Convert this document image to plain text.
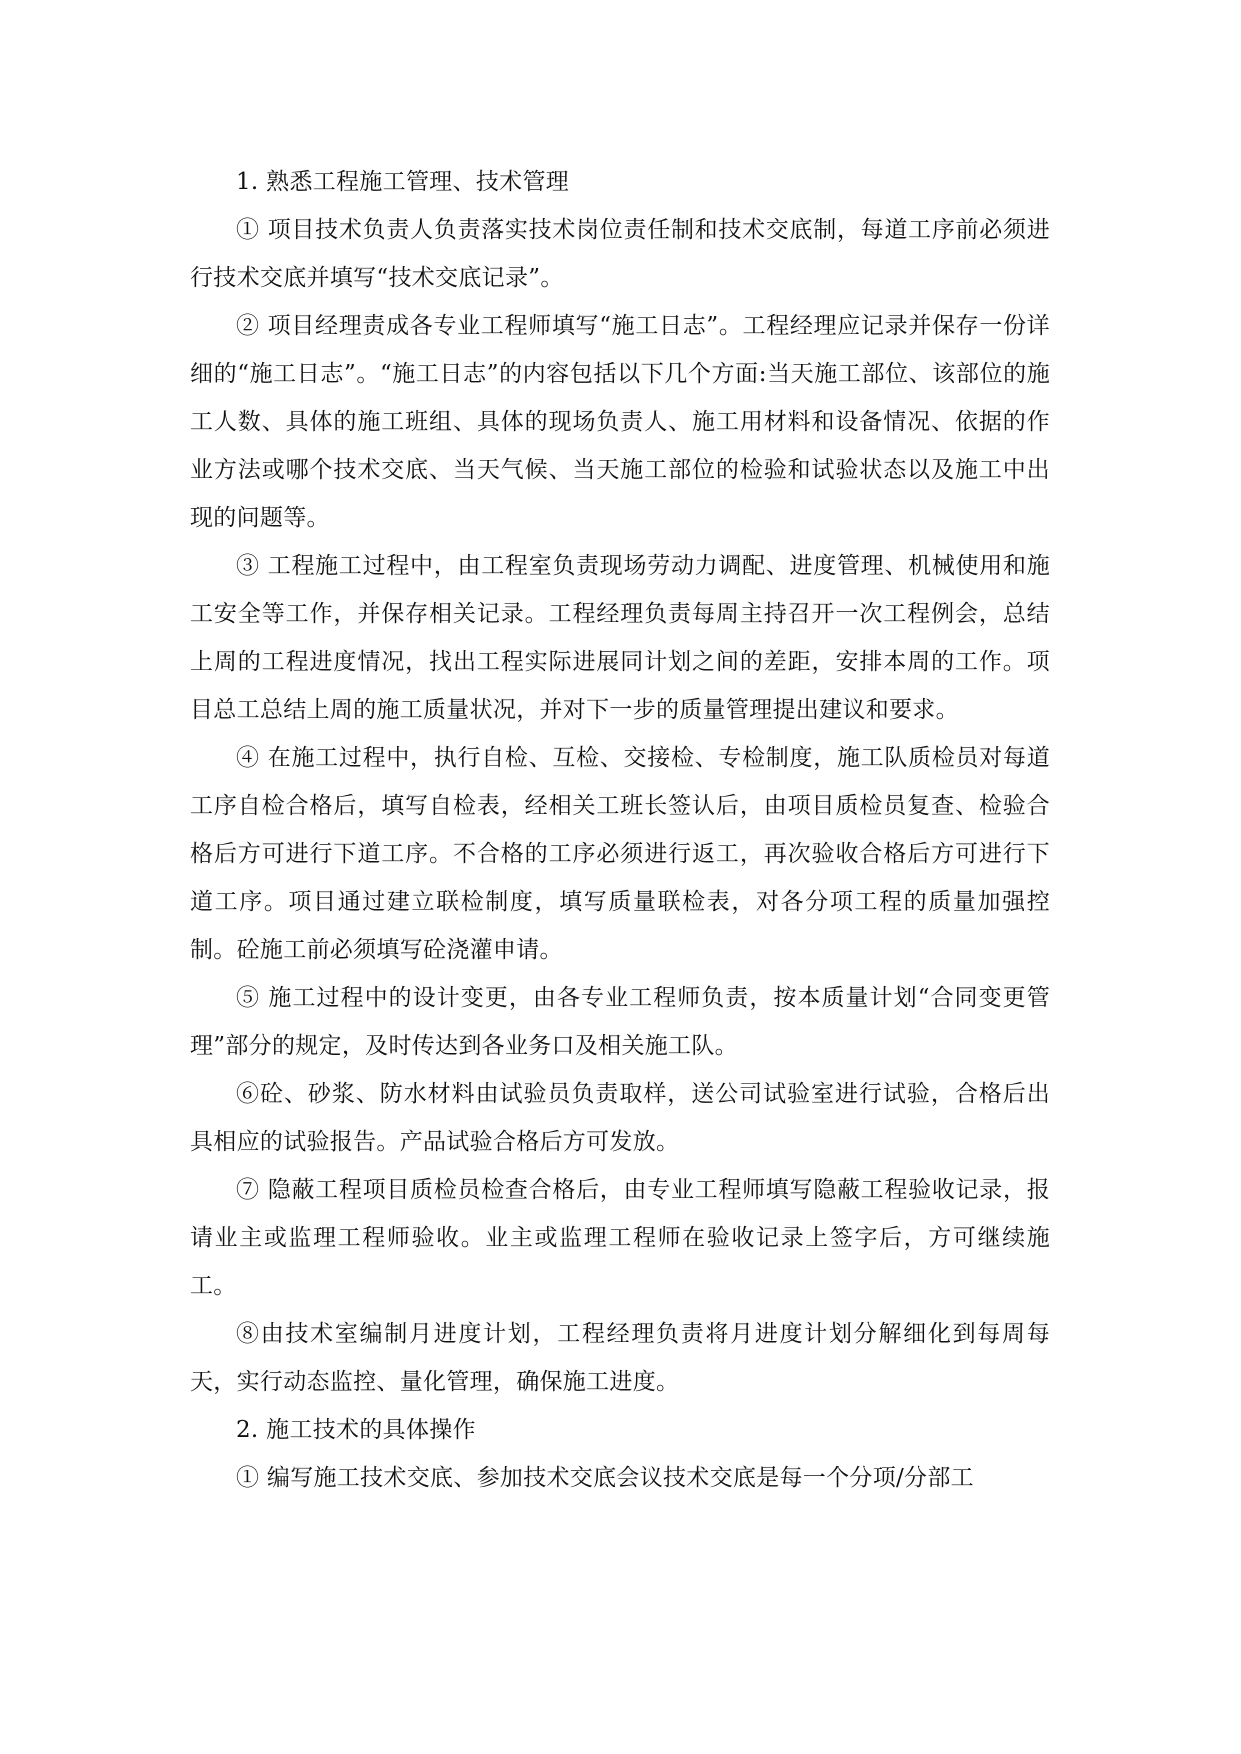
1. 熟悉工程施工管理、技术管理

① 项目技术负责人负责落实技术岗位责任制和技术交底制，每道工序前必须进行技术交底并填写“技术交底记录”。

② 项目经理责成各专业工程师填写“施工日志”。工程经理应记录并保存一份详细的“施工日志”。“施工日志”的内容包括以下几个方面:当天施工部位、该部位的施工人数、具体的施工班组、具体的现场负责人、施工用材料和设备情况、依据的作业方法或哪个技术交底、当天气候、当天施工部位的检验和试验状态以及施工中出现的问题等。

③ 工程施工过程中，由工程室负责现场劳动力调配、进度管理、机械使用和施工安全等工作，并保存相关记录。工程经理负责每周主持召开一次工程例会，总结上周的工程进度情况，找出工程实际进展同计划之间的差距，安排本周的工作。项目总工总结上周的施工质量状况，并对下一步的质量管理提出建议和要求。

④ 在施工过程中，执行自检、互检、交接检、专检制度，施工队质检员对每道工序自检合格后，填写自检表，经相关工班长签认后，由项目质检员复查、检验合格后方可进行下道工序。不合格的工序必须进行返工，再次验收合格后方可进行下道工序。项目通过建立联检制度，填写质量联检表，对各分项工程的质量加强控制。砼施工前必须填写砼浇灌申请。

⑤ 施工过程中的设计变更，由各专业工程师负责，按本质量计划“合同变更管理”部分的规定，及时传达到各业务口及相关施工队。

⑥砼、砂浆、防水材料由试验员负责取样，送公司试验室进行试验，合格后出具相应的试验报告。产品试验合格后方可发放。

⑦ 隐蔽工程项目质检员检查合格后，由专业工程师填写隐蔽工程验收记录，报请业主或监理工程师验收。业主或监理工程师在验收记录上签字后，方可继续施工。

⑧由技术室编制月进度计划，工程经理负责将月进度计划分解细化到每周每天，实行动态监控、量化管理，确保施工进度。

2. 施工技术的具体操作

① 编写施工技术交底、参加技术交底会议技术交底是每一个分项/分部工
